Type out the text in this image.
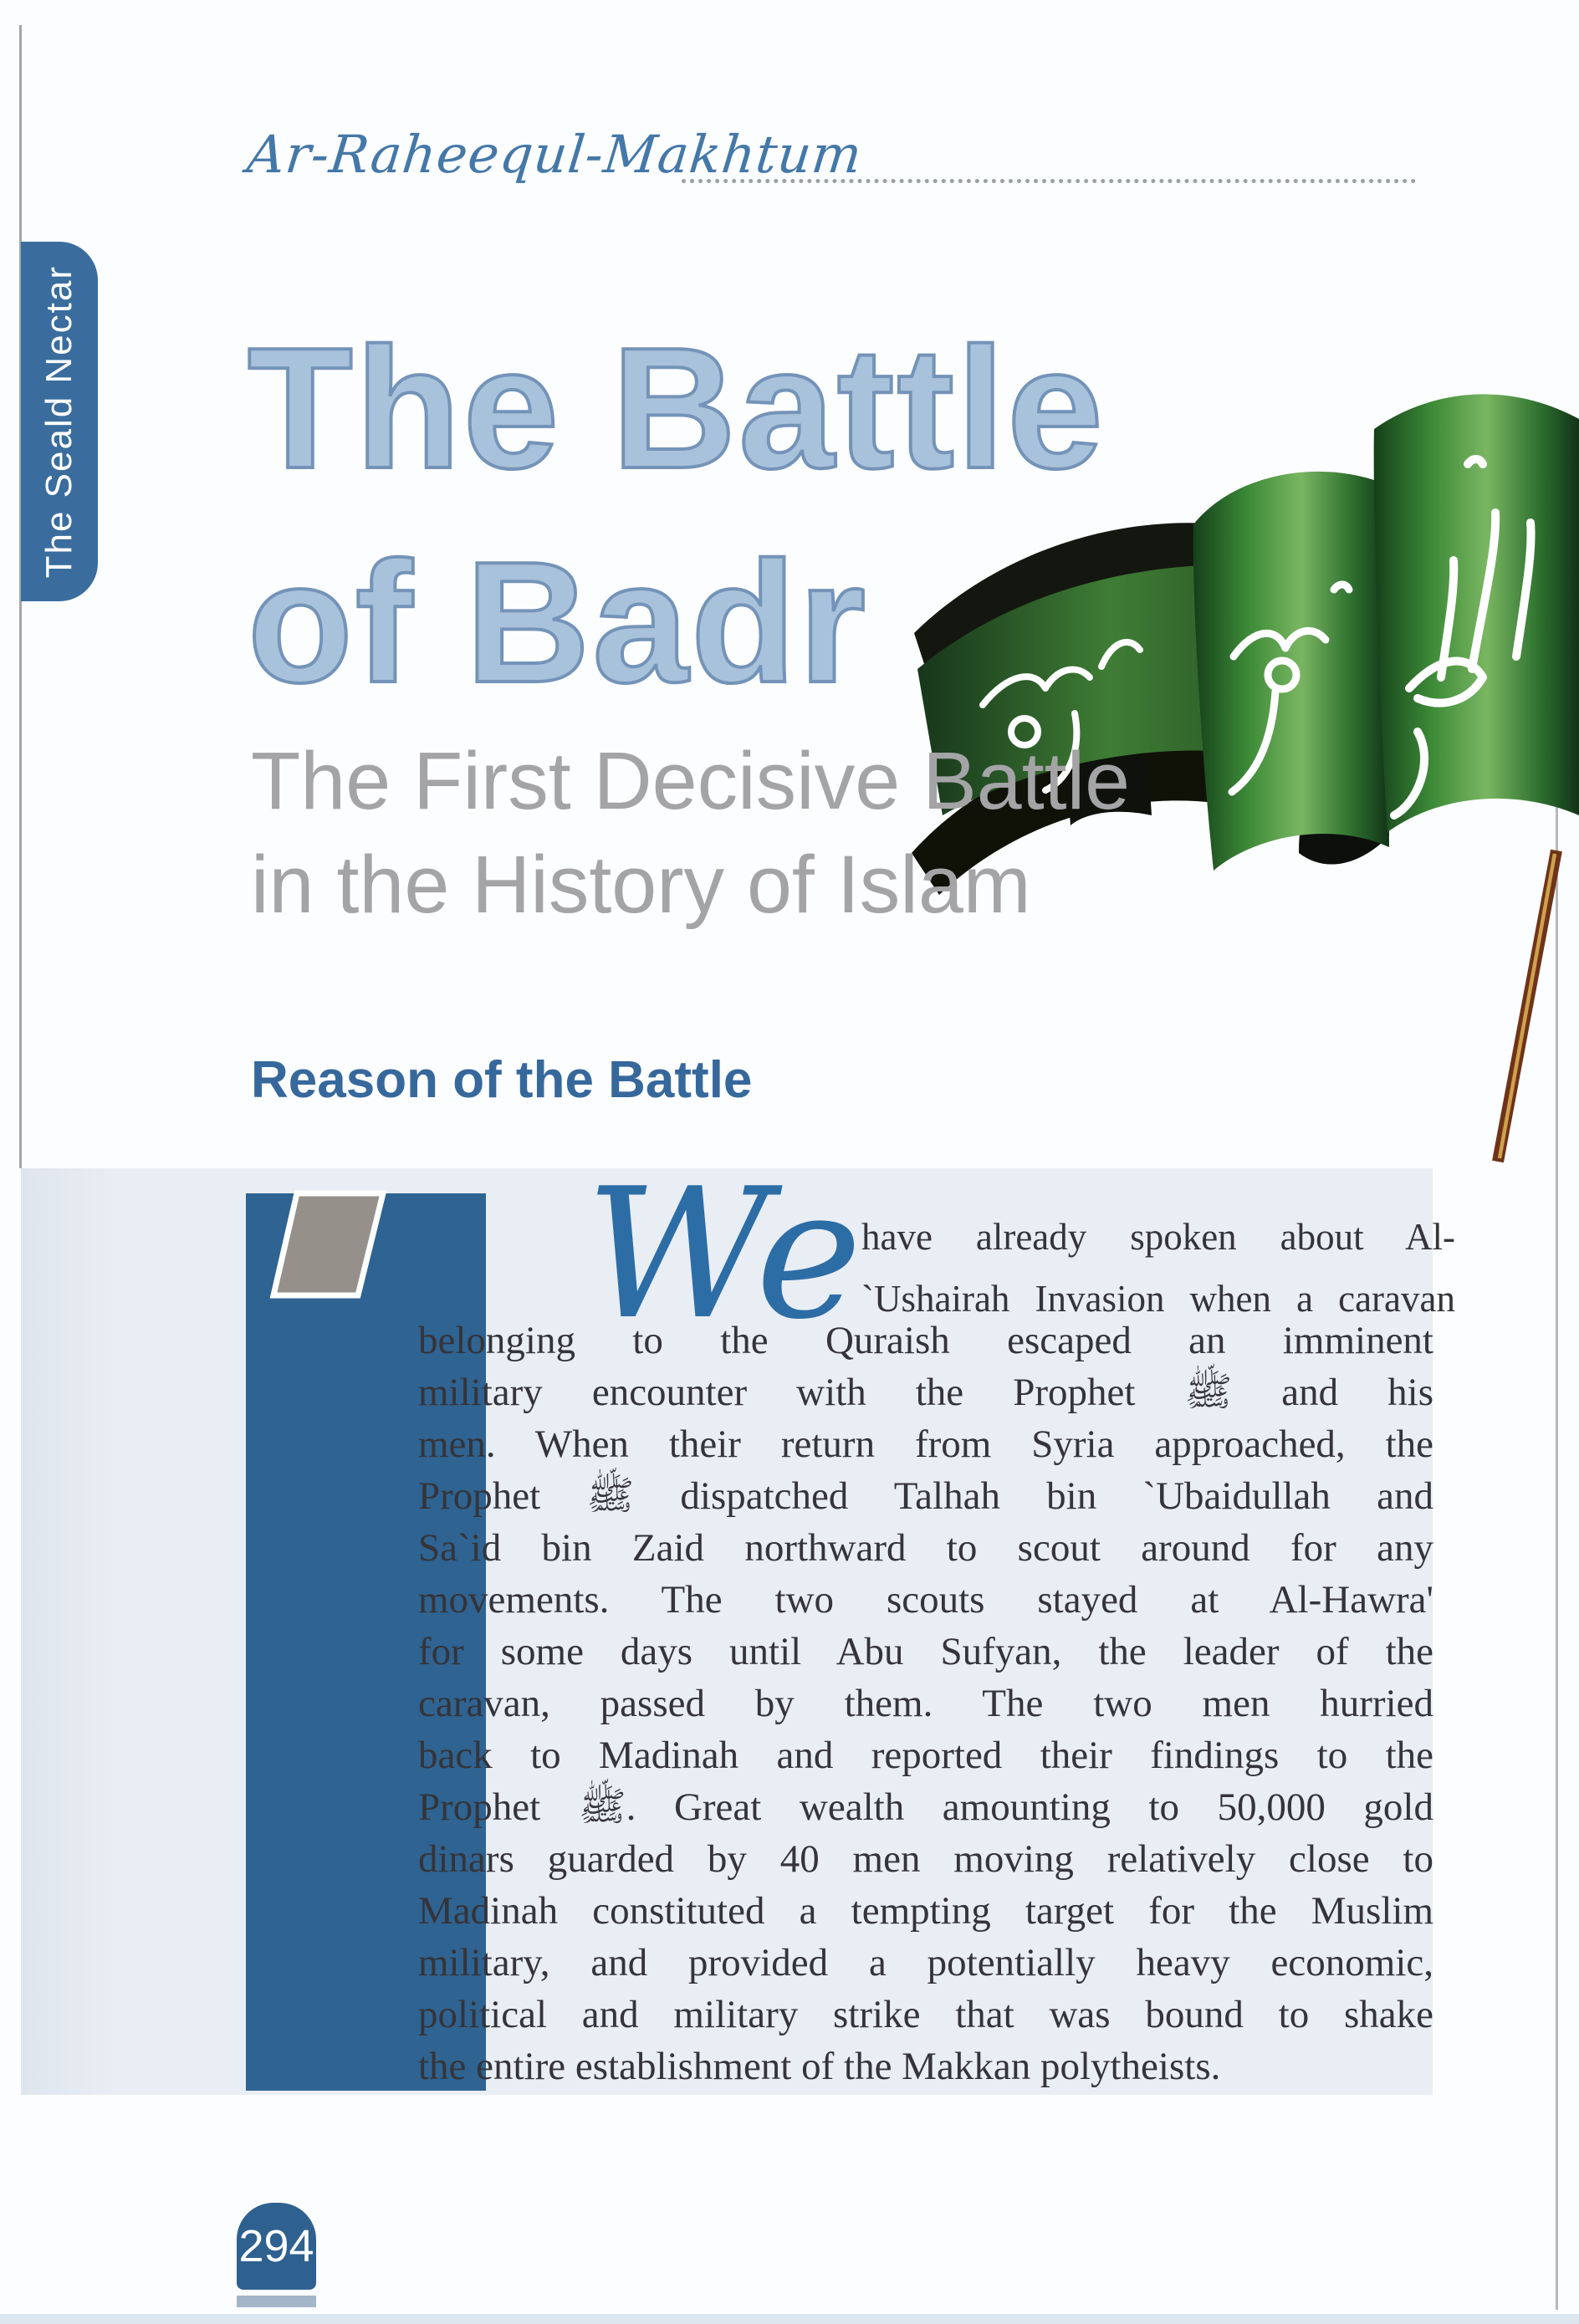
The Seald Nectar
Ar-Raheequl-Makhtum
The Battle
of Badr
The First Decisive Battle
in the History of Islam
Reason of the Battle
We have already spoken about Al-
`Ushairah Invasion when a caravan
belonging to the Quraish escaped an imminent
military encounter with the Prophet ﷺ and his
men. When their return from Syria approached, the
Prophet ﷺ dispatched Talhah bin `Ubaidullah and
Sa`id bin Zaid northward to scout around for any
movements. The two scouts stayed at Al-Hawra'
for some days until Abu Sufyan, the leader of the
caravan, passed by them. The two men hurried
back to Madinah and reported their findings to the
Prophet ﷺ. Great wealth amounting to 50,000 gold
dinars guarded by 40 men moving relatively close to
Madinah constituted a tempting target for the Muslim
military, and provided a potentially heavy economic,
political and military strike that was bound to shake
the entire establishment of the Makkan polytheists.
294
